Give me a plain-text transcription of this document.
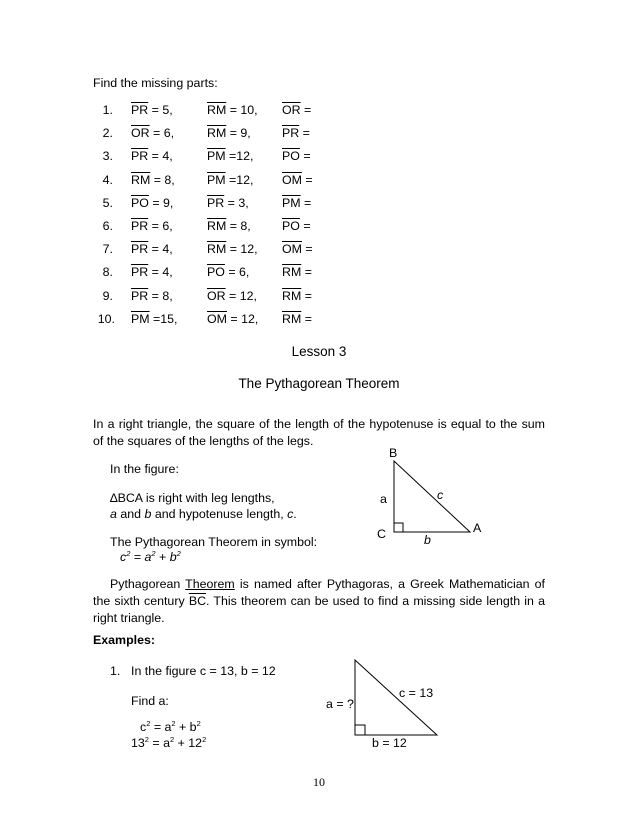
Find the missing parts:
1. $\overline{PR} = 5$,	$\overline{RM} = 10$, $\overline{OR}$ =
2. $\overline{OR} = 6$,	$\overline{RM} = 9$,	$\overline{PR}$ =
3. $\overline{PR} = 4$,	$\overline{PM} =12$, $\overline{PO}$ =
4. $\overline{RM} = 8$,	$\overline{PM} =12$, $\overline{OM}$ =
5. $\overline{PO} = 9$,	$\overline{PR} = 3$,	$\overline{PM}$ =
6. $\overline{PR} = 6$,	$\overline{RM} = 8$,	$\overline{PO}$ =
7. $\overline{PR} = 4$,	$\overline{RM} = 12$, $\overline{OM}$ =
8. $\overline{PR} = 4$,	$\overline{PO} = 6$,	$\overline{RM}$ =
9. $\overline{PR} = 8$,	$\overline{OR} = 12$, $\overline{RM}$ =
10. $\overline{PM} =15$, $\overline{OM} = 12$, $\overline{RM}$ =
Lesson 3
The Pythagorean Theorem
In a right triangle, the square of the length of the hypotenuse is equal to the sum of the squares of the lengths of the legs.
In the figure:
∆BCA is right with leg lengths,
a and b and hypotenuse length, c.
The Pythagorean Theorem in symbol:
$c^2 = a^2 + b^2$
B
C	A
a	c
b
Pythagorean Theorem is named after Pythagoras, a Greek Mathematician of the sixth century $\overline{BC}$. This theorem can be used to find a missing side length in a right triangle.
Examples:
1. In the figure c = 13, b = 12
Find a:
$c^2 = a^2 + b^2$
$13^2 = a^2 + 12^2$
a = ?
c = 13
b = 12
10
